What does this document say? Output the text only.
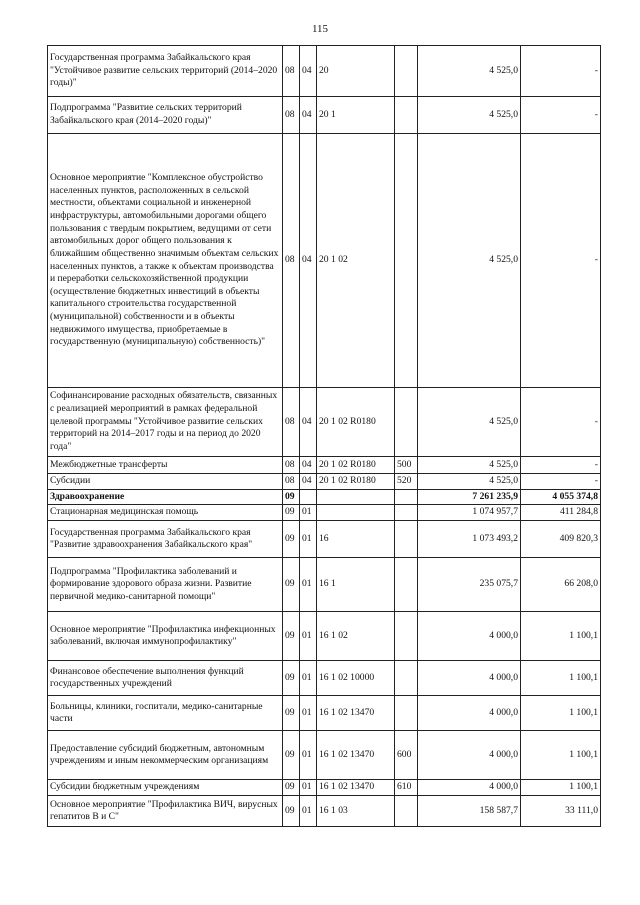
115
Государственная программа Забайкальского края "Устойчивое развитие сельских территорий (2014–2020 годы)"	08	04	20		4 525,0	-
Подпрограмма "Развитие сельских территорий Забайкальского края (2014–2020 годы)"	08	04	20 1		4 525,0	-
Основное мероприятие "Комплексное обустройство населенных пунктов, расположенных в сельской местности, объектами социальной и инженерной инфраструктуры, автомобильными дорогами общего пользования с твердым покрытием, ведущими от сети автомобильных дорог общего пользования к ближайшим общественно значимым объектам сельских населенных пунктов, а также к объектам производства и переработки сельскохозяйственной продукции (осуществление бюджетных инвестиций в объекты капитального строительства государственной (муниципальной) собственности и в объекты недвижимого имущества, приобретаемые в государственную (муниципальную) собственность)"	08	04	20 1 02		4 525,0	-
Софинансирование расходных обязательств, связанных с реализацией мероприятий в рамках федеральной целевой программы "Устойчивое развитие сельских территорий на 2014–2017 годы и на период до 2020 года"	08	04	20 1 02 R0180		4 525,0	-
Межбюджетные трансферты	08	04	20 1 02 R0180	500	4 525,0	-
Субсидии	08	04	20 1 02 R0180	520	4 525,0	-
Здравоохранение	09				7 261 235,9	4 055 374,8
Стационарная медицинская помощь	09	01			1 074 957,7	411 284,8
Государственная программа Забайкальского края "Развитие здравоохранения Забайкальского края"	09	01	16		1 073 493,2	409 820,3
Подпрограмма "Профилактика заболеваний и формирование здорового образа жизни. Развитие первичной медико-санитарной помощи"	09	01	16 1		235 075,7	66 208,0
Основное мероприятие "Профилактика инфекционных заболеваний, включая иммунопрофилактику"	09	01	16 1 02		4 000,0	1 100,1
Финансовое обеспечение выполнения функций государственных учреждений	09	01	16 1 02 10000		4 000,0	1 100,1
Больницы, клиники, госпитали, медико-санитарные части	09	01	16 1 02 13470		4 000,0	1 100,1
Предоставление субсидий бюджетным, автономным учреждениям и иным некоммерческим организациям	09	01	16 1 02 13470	600	4 000,0	1 100,1
Субсидии бюджетным учреждениям	09	01	16 1 02 13470	610	4 000,0	1 100,1
Основное мероприятие "Профилактика ВИЧ, вирусных гепатитов В и С"	09	01	16 1 03		158 587,7	33 111,0
